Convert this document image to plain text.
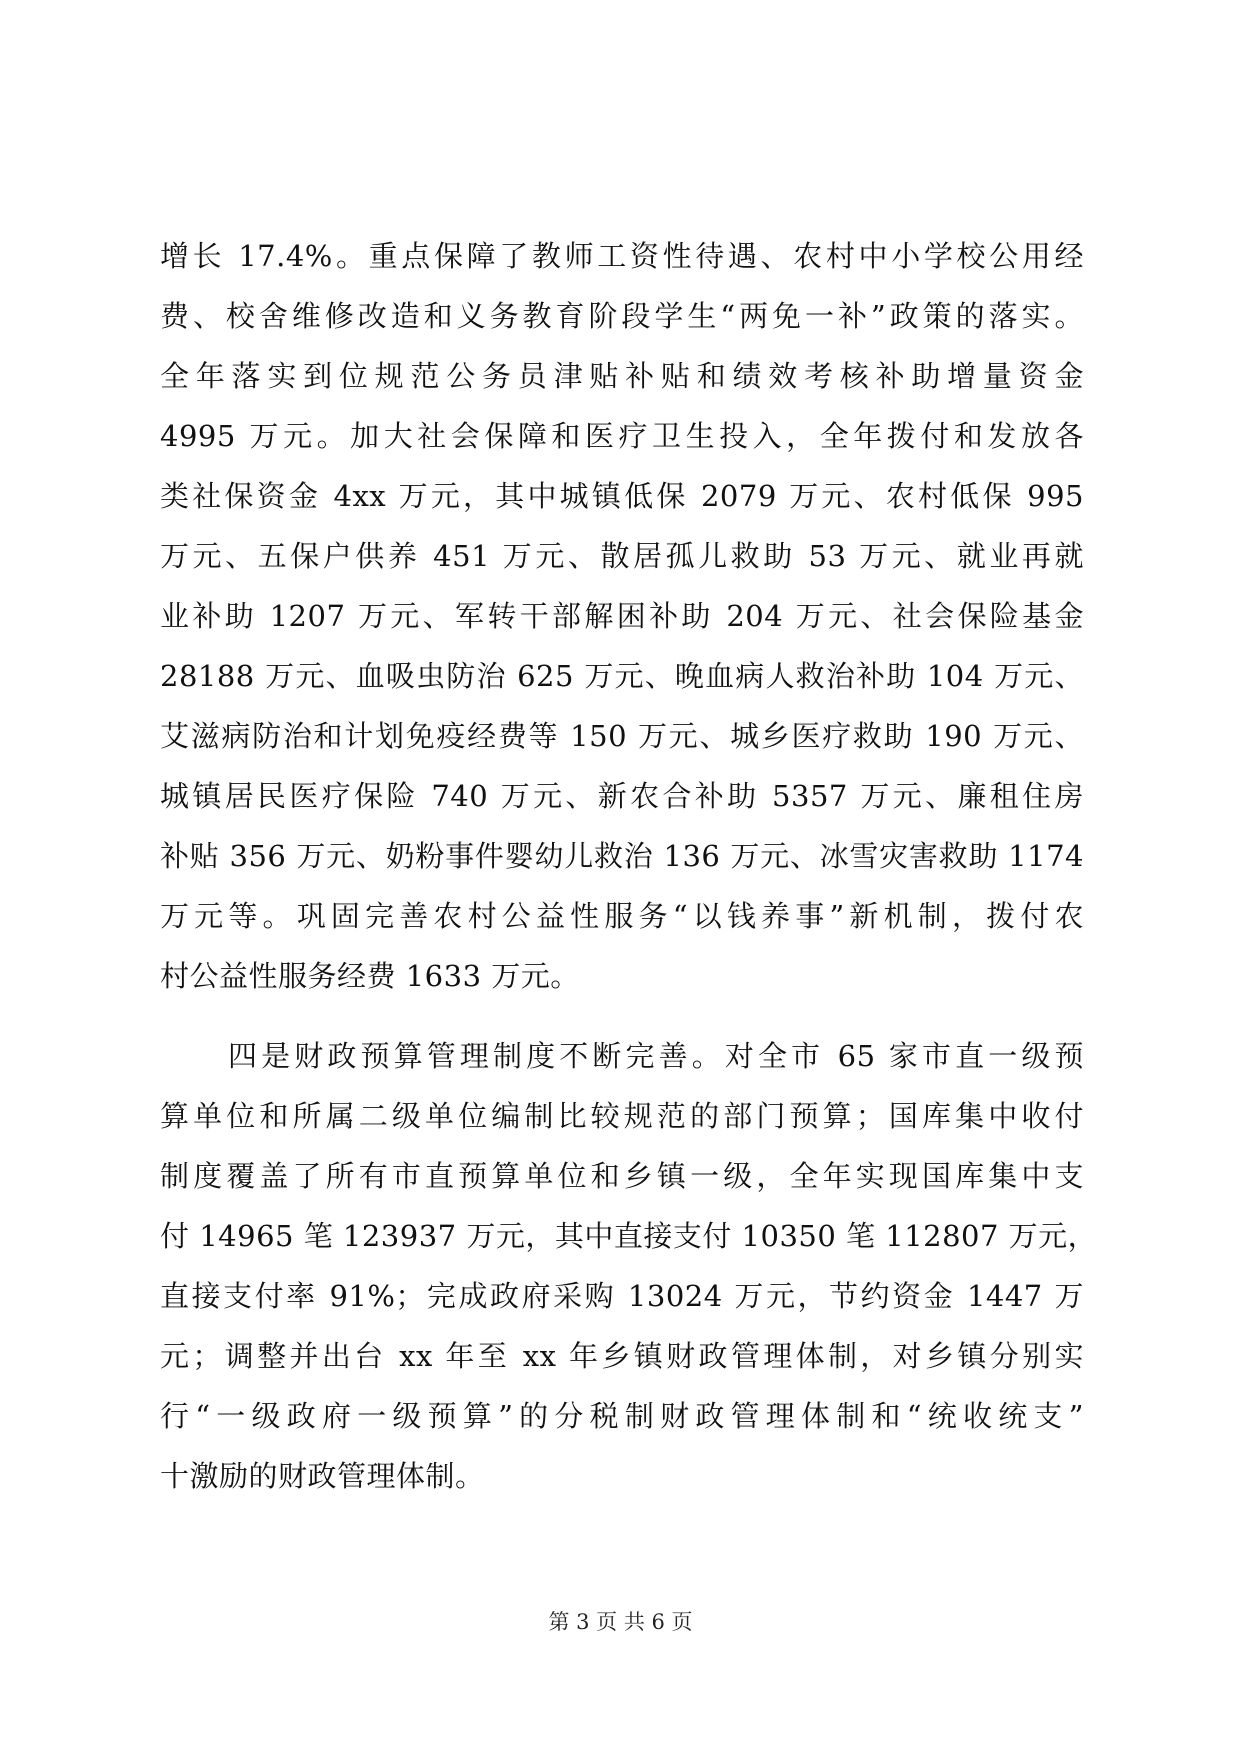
增长 17.4%。重点保障了教师工资性待遇、农村中小学校公用经
费、校舍维修改造和义务教育阶段学生“两免一补”政策的落实。
全年落实到位规范公务员津贴补贴和绩效考核补助增量资金
4995 万元。加大社会保障和医疗卫生投入，全年拨付和发放各
类社保资金 4xx 万元，其中城镇低保 2079 万元、农村低保 995
万元、五保户供养 451 万元、散居孤儿救助 53 万元、就业再就
业补助 1207 万元、军转干部解困补助 204 万元、社会保险基金
28188 万元、血吸虫防治 625 万元、晚血病人救治补助 104 万元、
艾滋病防治和计划免疫经费等 150 万元、城乡医疗救助 190 万元、
城镇居民医疗保险 740 万元、新农合补助 5357 万元、廉租住房
补贴 356 万元、奶粉事件婴幼儿救治 136 万元、冰雪灾害救助 1174
万元等。巩固完善农村公益性服务“以钱养事”新机制，拨付农
村公益性服务经费 1633 万元。
四是财政预算管理制度不断完善。对全市 65 家市直一级预
算单位和所属二级单位编制比较规范的部门预算；国库集中收付
制度覆盖了所有市直预算单位和乡镇一级，全年实现国库集中支
付 14965 笔 123937 万元，其中直接支付 10350 笔 112807 万元，
直接支付率 91%；完成政府采购 13024 万元，节约资金 1447 万
元；调整并出台 xx 年至 xx 年乡镇财政管理体制，对乡镇分别实
行“一级政府一级预算”的分税制财政管理体制和“统收统支”
十激励的财政管理体制。
第 3 页 共 6 页
